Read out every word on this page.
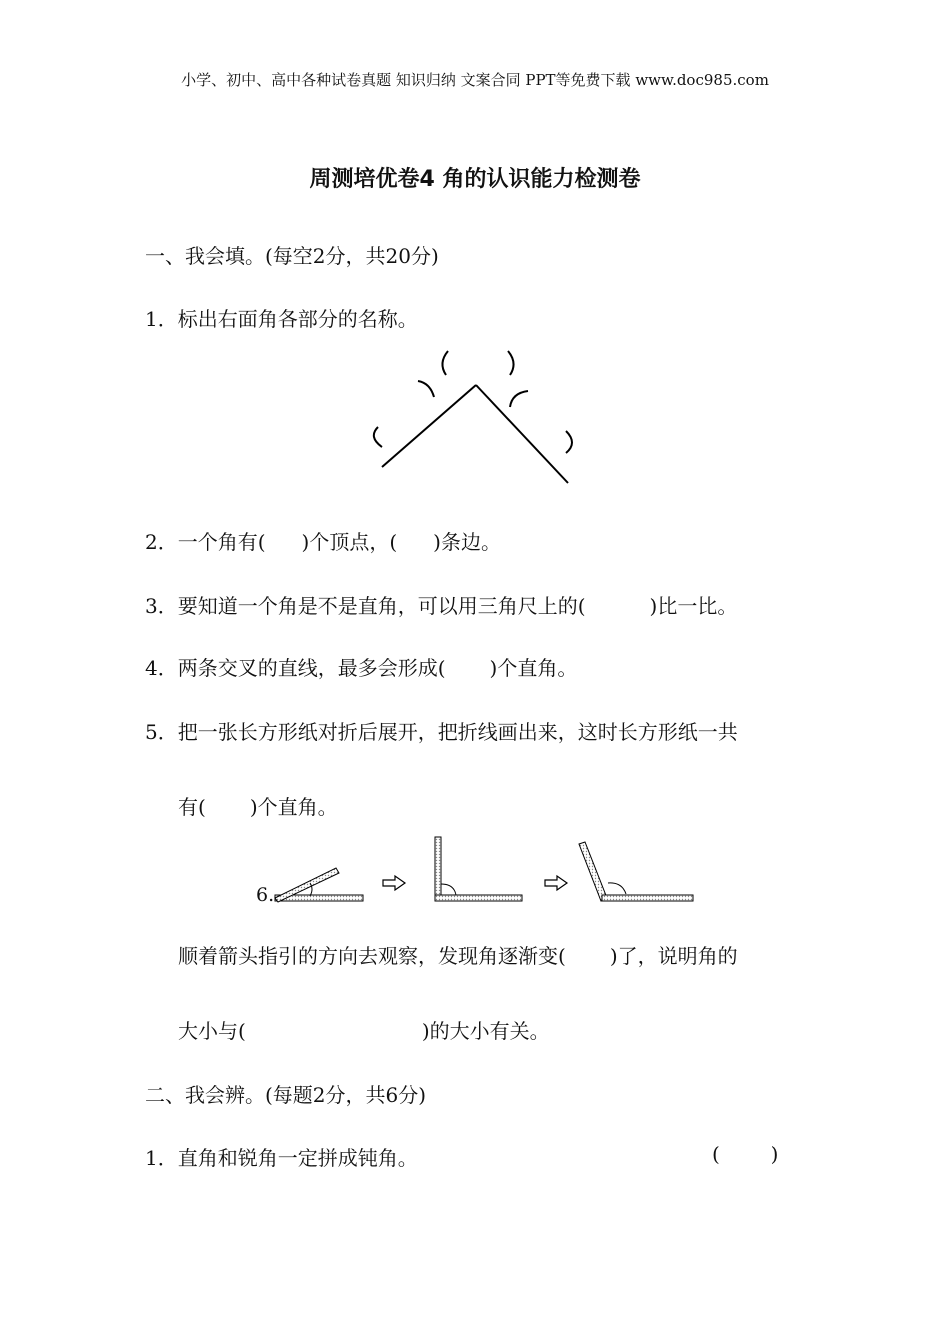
小学、初中、高中各种试卷真题 知识归纳 文案合同 PPT等免费下载 www.doc985.com
周测培优卷4 角的认识能力检测卷
一、我会填。(每空2分，共20分)
1．标出右面角各部分的名称。
2．一个角有( )个顶点，( )条边。
3．要知道一个角是不是直角，可以用三角尺上的(	)比一比。
4．两条交叉的直线，最多会形成( )个直角。
5．把一张长方形纸对折后展开，把折线画出来，这时长方形纸一共
有( )个直角。
6.
顺着箭头指引的方向去观察，发现角逐渐变( )了，说明角的
大小与(	)的大小有关。
二、我会辨。(每题2分，共6分)
1．直角和锐角一定拼成钝角。	(        )
